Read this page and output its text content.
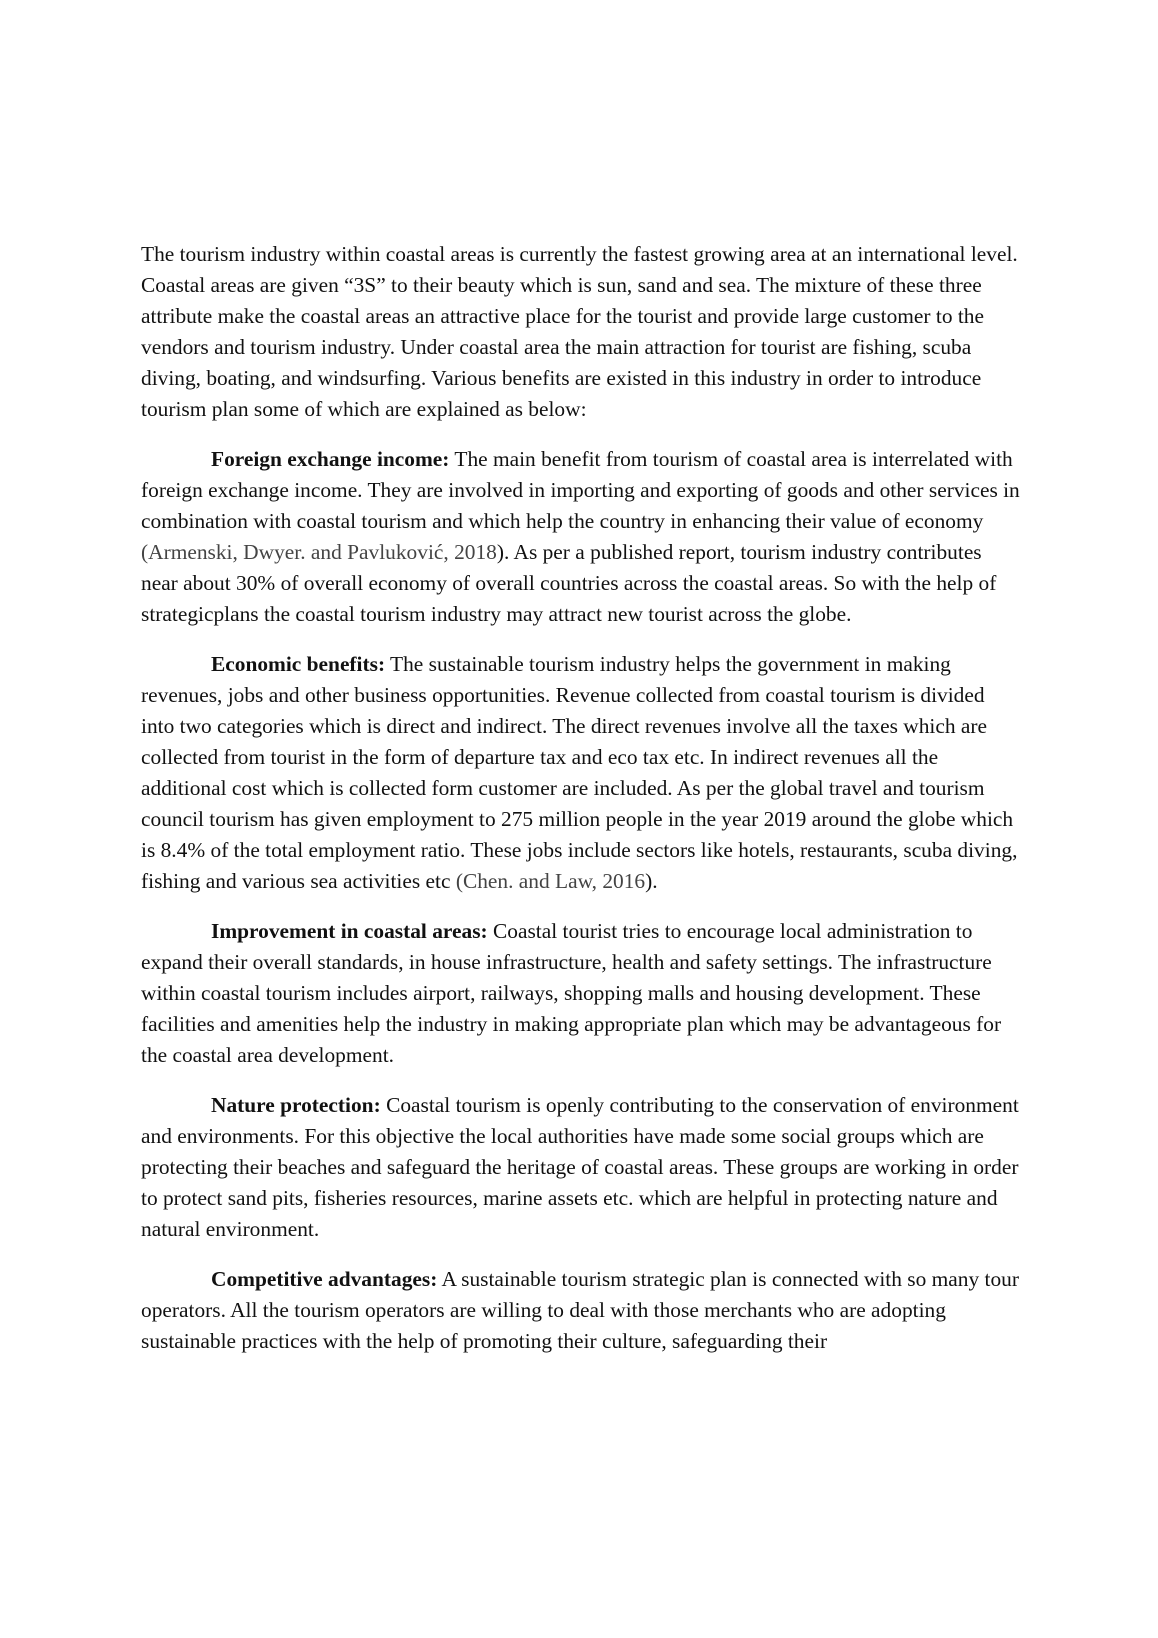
The tourism industry within coastal areas is currently the fastest growing area at an international level. Coastal areas are given “3S” to their beauty which is sun, sand and sea. The mixture of these three attribute make the coastal areas an attractive place for the tourist and provide large customer to the vendors and tourism industry. Under coastal area the main attraction for tourist are fishing, scuba diving, boating, and windsurfing. Various benefits are existed in this industry in order to introduce tourism plan some of which are explained as below:

Foreign exchange income: The main benefit from tourism of coastal area is interrelated with foreign exchange income. They are involved in importing and exporting of goods and other services in combination with coastal tourism and which help the country in enhancing their value of economy (Armenski, Dwyer. and Pavluković, 2018). As per a published report, tourism industry contributes near about 30% of overall economy of overall countries across the coastal areas. So with the help of strategicplans the coastal tourism industry may attract new tourist across the globe.

Economic benefits: The sustainable tourism industry helps the government in making revenues, jobs and other business opportunities. Revenue collected from coastal tourism is divided into two categories which is direct and indirect. The direct revenues involve all the taxes which are collected from tourist in the form of departure tax and eco tax etc. In indirect revenues all the additional cost which is collected form customer are included. As per the global travel and tourism council tourism has given employment to 275 million people in the year 2019 around the globe which is 8.4% of the total employment ratio. These jobs include sectors like hotels, restaurants, scuba diving, fishing and various sea activities etc (Chen. and Law, 2016).

Improvement in coastal areas: Coastal tourist tries to encourage local administration to expand their overall standards, in house infrastructure, health and safety settings. The infrastructure within coastal tourism includes airport, railways, shopping malls and housing development. These facilities and amenities help the industry in making appropriate plan which may be advantageous for the coastal area development.

Nature protection: Coastal tourism is openly contributing to the conservation of environment and environments. For this objective the local authorities have made some social groups which are protecting their beaches and safeguard the heritage of coastal areas. These groups are working in order to protect sand pits, fisheries resources, marine assets etc. which are helpful in protecting nature and natural environment.

Competitive advantages: A sustainable tourism strategic plan is connected with so many tour operators. All the tourism operators are willing to deal with those merchants who are adopting sustainable practices with the help of promoting their culture, safeguarding their
